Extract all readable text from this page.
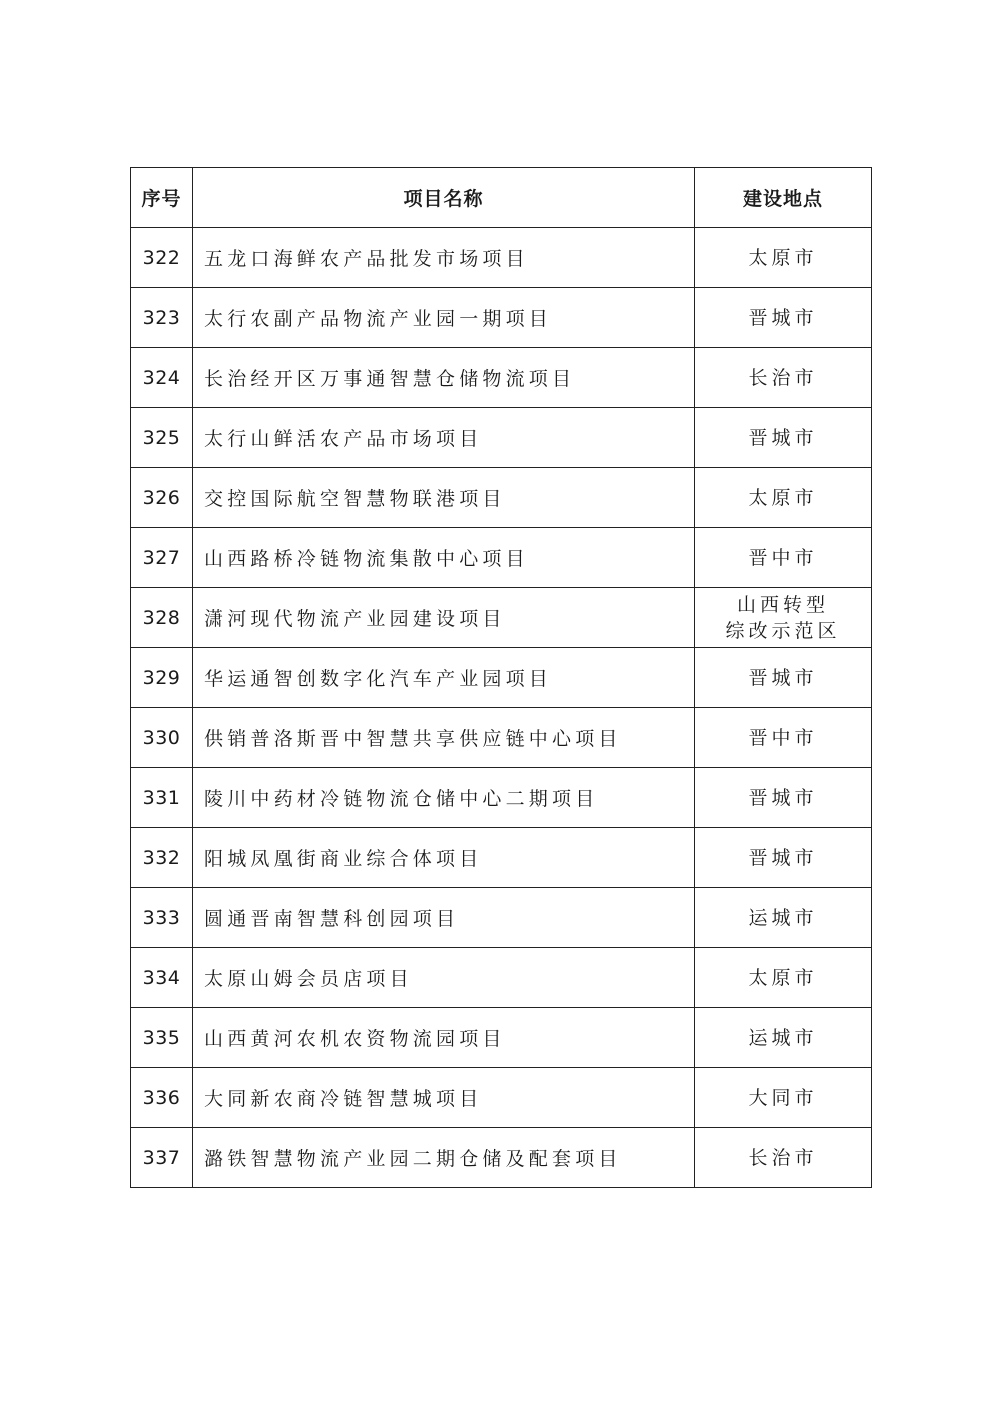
序号	项目名称	建设地点
322	五龙口海鲜农产品批发市场项目	太原市

323	太行农副产品物流产业园一期项目	晋城市

324	长治经开区万事通智慧仓储物流项目	长治市

325	太行山鲜活农产品市场项目	晋城市

326	交控国际航空智慧物联港项目	太原市

327	山西路桥冷链物流集散中心项目	晋中市

328	潇河现代物流产业园建设项目	山西转型
综改示范区

329	华运通智创数字化汽车产业园项目	晋城市

330	供销普洛斯晋中智慧共享供应链中心项目	晋中市

331	陵川中药材冷链物流仓储中心二期项目	晋城市

332	阳城凤凰街商业综合体项目	晋城市

333	圆通晋南智慧科创园项目	运城市

334	太原山姆会员店项目	太原市

335	山西黄河农机农资物流园项目	运城市

336	大同新农商冷链智慧城项目	大同市

337	潞铁智慧物流产业园二期仓储及配套项目	长治市
